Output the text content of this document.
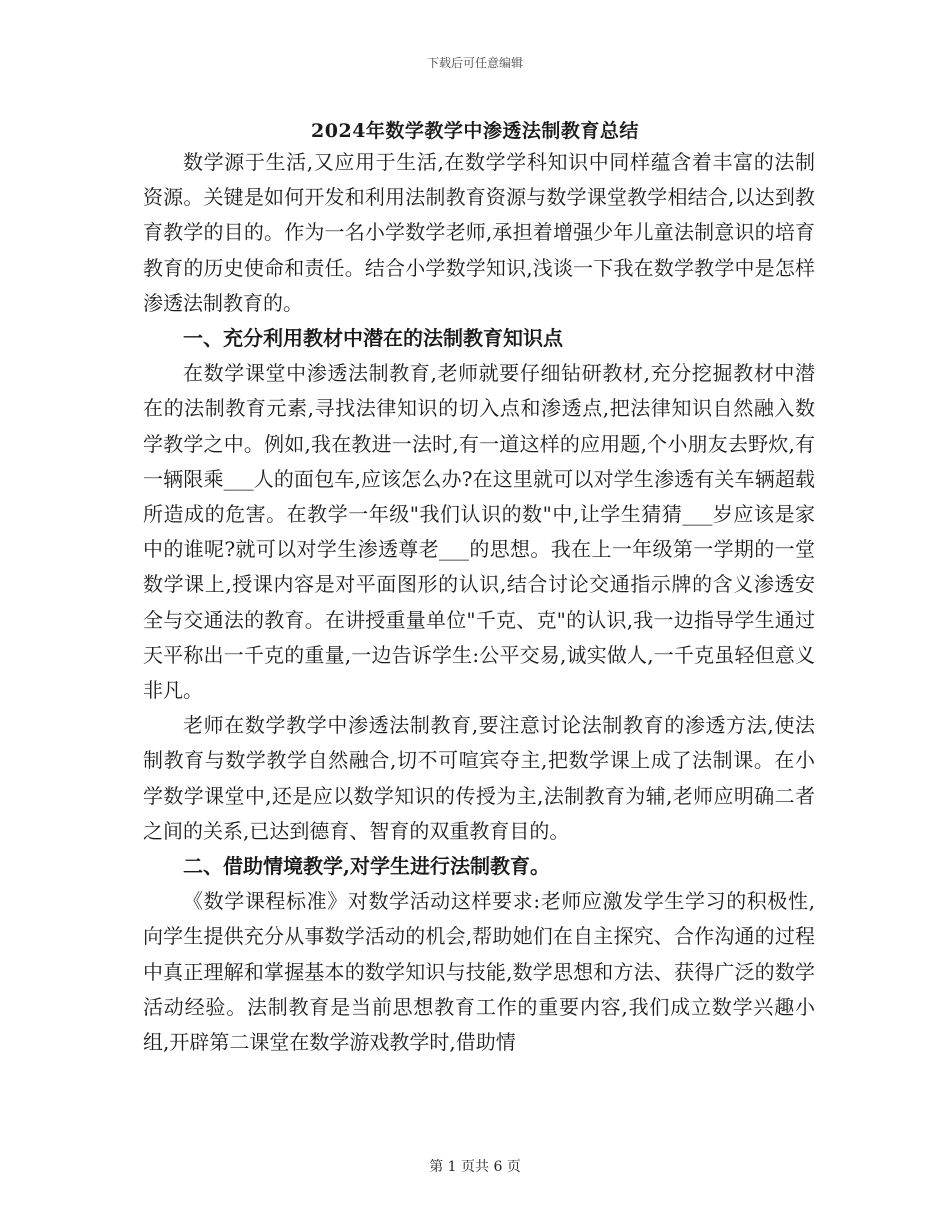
下载后可任意编辑
2024年数学教学中渗透法制教育总结

数学源于生活,又应用于生活,在数学学科知识中同样蕴含着丰富的法制资源。关键是如何开发和利用法制教育资源与数学课堂教学相结合,以达到教育教学的目的。作为一名小学数学老师,承担着增强少年儿童法制意识的培育教育的历史使命和责任。结合小学数学知识,浅谈一下我在数学教学中是怎样渗透法制教育的。

一、充分利用教材中潜在的法制教育知识点

在数学课堂中渗透法制教育,老师就要仔细钻研教材,充分挖掘教材中潜在的法制教育元素,寻找法律知识的切入点和渗透点,把法律知识自然融入数学教学之中。例如,我在教进一法时,有一道这样的应用题,个小朋友去野炊,有一辆限乘___人的面包车,应该怎么办?在这里就可以对学生渗透有关车辆超载所造成的危害。在教学一年级"我们认识的数"中,让学生猜猜___岁应该是家中的谁呢?就可以对学生渗透尊老___的思想。我在上一年级第一学期的一堂数学课上,授课内容是对平面图形的认识,结合讨论交通指示牌的含义渗透安全与交通法的教育。在讲授重量单位"千克、克"的认识,我一边指导学生通过天平称出一千克的重量,一边告诉学生:公平交易,诚实做人,一千克虽轻但意义非凡。

老师在数学教学中渗透法制教育,要注意讨论法制教育的渗透方法,使法制教育与数学教学自然融合,切不可喧宾夺主,把数学课上成了法制课。在小学数学课堂中,还是应以数学知识的传授为主,法制教育为辅,老师应明确二者之间的关系,已达到德育、智育的双重教育目的。

二、借助情境教学,对学生进行法制教育。

《数学课程标准》对数学活动这样要求:老师应激发学生学习的积极性,向学生提供充分从事数学活动的机会,帮助她们在自主探究、合作沟通的过程中真正理解和掌握基本的数学知识与技能,数学思想和方法、获得广泛的数学活动经验。法制教育是当前思想教育工作的重要内容,我们成立数学兴趣小组,开辟第二课堂在数学游戏教学时,借助情

第 1 页共 6 页
